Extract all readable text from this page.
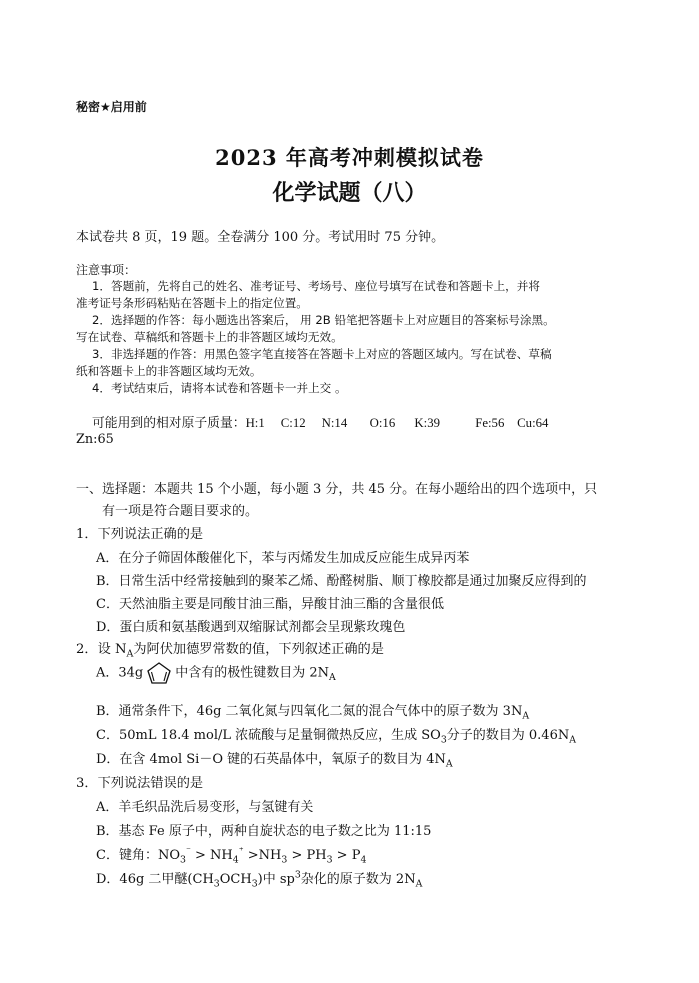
秘密★启用前
2023 年高考冲刺模拟试卷
化学试题（八）
本试卷共 8 页，19 题。全卷满分 100 分。考试用时 75 分钟。
注意事项：
1．答题前，先将自己的姓名、准考证号、考场号、座位号填写在试卷和答题卡上，并将
准考证号条形码粘贴在答题卡上的指定位置。
2．选择题的作答：每小题选出答案后， 用 2B 铅笔把答题卡上对应题目的答案标号涂黑。
写在试卷、草稿纸和答题卡上的非答题区域均无效。
3．非选择题的作答：用黑色签字笔直接答在答题卡上对应的答题区域内。写在试卷、草稿
纸和答题卡上的非答题区域均无效。
4．考试结束后，请将本试卷和答题卡一并上交 。
可能用到的相对原子质量：H:1     C:12     N:14       O:16      K:39           Fe:56    Cu:64
Zn:65
一、选择题：本题共 15 个小题，每小题 3 分，共 45 分。在每小题给出的四个选项中，只
有一项是符合题目要求的。
1．下列说法正确的是
A．在分子筛固体酸催化下，苯与丙烯发生加成反应能生成异丙苯
B．日常生活中经常接触到的聚苯乙烯、酚醛树脂、顺丁橡胶都是通过加聚反应得到的
C．天然油脂主要是同酸甘油三酯，异酸甘油三酯的含量很低
D．蛋白质和氨基酸遇到双缩脲试剂都会呈现紫玫瑰色
2．设 $N_A$为阿伏加德罗常数的值，下列叙述正确的是
A．34g 中含有的极性键数目为 $2N_A$
B．通常条件下，46g 二氧化氮与四氧化二氮的混合气体中的原子数为 $3N_A$
C．50mL 18.4 mol/L 浓硫酸与足量铜微热反应，生成 $SO_3$分子的数目为 $0.46N_A$
D．在含 4mol Si－O 键的石英晶体中，氧原子的数目为 $4N_A$
3．下列说法错误的是
A．羊毛织品洗后易变形，与氢键有关
B．基态 Fe 原子中，两种自旋状态的电子数之比为 11:15
C．键角：$NO_3^{^-} > NH_4^{^+} >NH_3 > PH_3 > P_4$
D．46g 二甲醚$(CH_3OCH_3)$中 $sp^3$杂化的原子数为 $2N_A$
